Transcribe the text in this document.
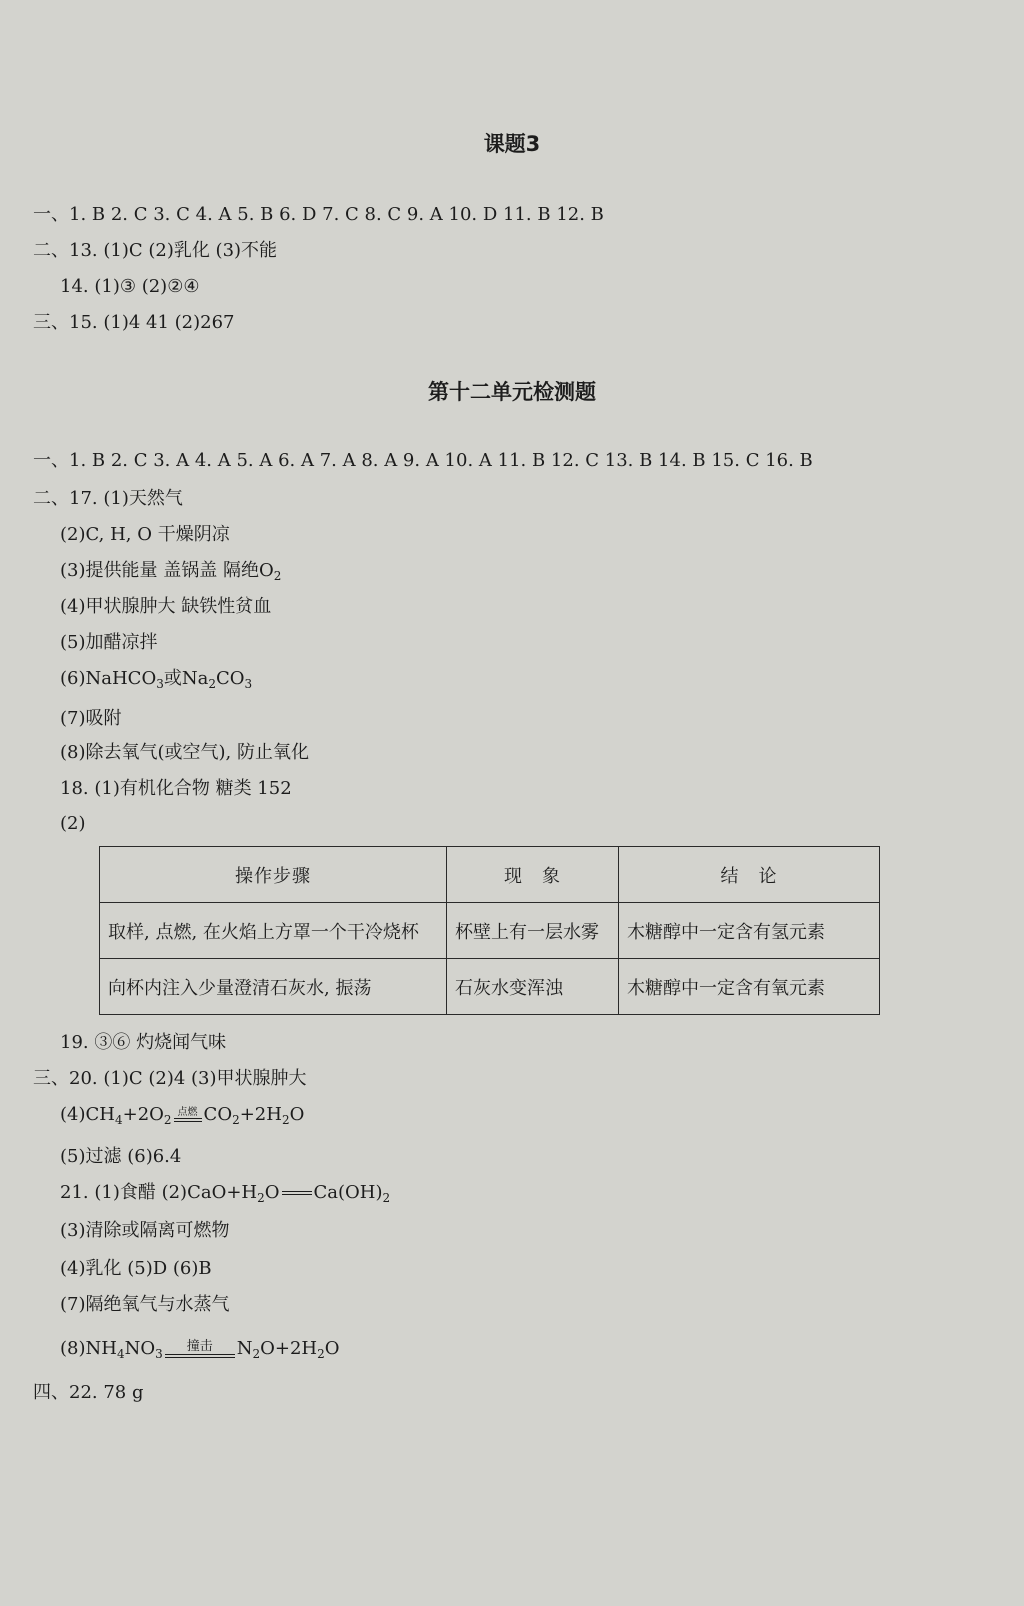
课题3
一、1. B 2. C 3. C 4. A 5. B 6. D 7. C 8. C 9. A 10. D 11. B 12. B
二、13. (1)C (2)乳化 (3)不能
14. (1)③ (2)②④
三、15. (1)4 41 (2)267
第十二单元检测题
一、1. B 2. C 3. A 4. A 5. A 6. A 7. A 8. A 9. A 10. A 11. B 12. C 13. B 14. B 15. C 16. B
二、17. (1)天然气
(2)C, H, O 干燥阴凉
(3)提供能量 盖锅盖 隔绝$O_2$
(4)甲状腺肿大 缺铁性贫血
(5)加醋凉拌
(6)NaHCO$_3$或$Na_2CO_3$
(7)吸附
(8)除去氧气(或空气), 防止氧化
18. (1)有机化合物 糖类 152
(2)
操作步骤	现　象	结　论
取样, 点燃, 在火焰上方罩一个干冷烧杯	杯壁上有一层水雾	木糖醇中一定含有氢元素
向杯内注入少量澄清石灰水, 振荡	石灰水变浑浊	木糖醇中一定含有氧元素
19. ③⑥ 灼烧闻气味
三、20. (1)C (2)4 (3)甲状腺肿大
$(4)CH_4+2O_2$
点燃 $CO_2+2H_2O$
(5)过滤 (6)6.4
21. (1)食醋 $(2)CaO+H_2O$ $Ca(OH)_2$
(3)清除或隔离可燃物
(4)乳化 (5)D (6)B
(7)隔绝氧气与水蒸气
$(8)NH_4NO_3$	撞击	$N_2O+2H_2O$
四、22. 78 g
